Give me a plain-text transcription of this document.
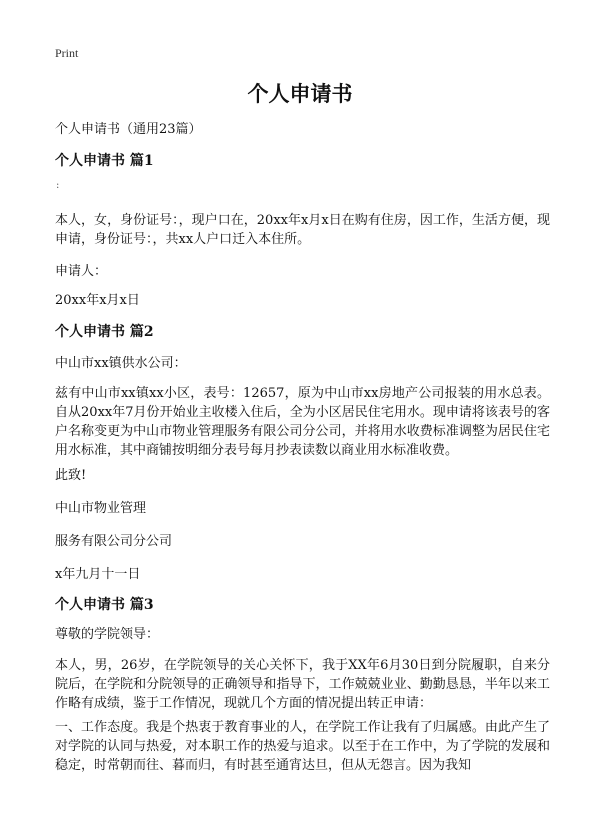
Print
个人申请书

个人申请书（通用23篇）

个人申请书 篇1

:

本人，女，身份证号：，现户口在，20xx年x月x日在购有住房，因工作，生活方便，现申请，身份证号：，共xx人户口迁入本住所。

申请人：

20xx年x月x日

个人申请书 篇2

中山市xx镇供水公司：

兹有中山市xx镇xx小区，表号：12657，原为中山市xx房地产公司报装的用水总表。自从20xx年7月份开始业主收楼入住后，全为小区居民住宅用水。现申请将该表号的客户名称变更为中山市物业管理服务有限公司分公司，并将用水收费标准调整为居民住宅用水标准，其中商铺按明细分表号每月抄表读数以商业用水标准收费。

此致!

中山市物业管理

服务有限公司分公司

x年九月十一日

个人申请书 篇3

尊敬的学院领导：

本人，男，26岁，在学院领导的关心关怀下，我于XX年6月30日到分院履职，自来分院后，在学院和分院领导的正确领导和指导下，工作兢兢业业、勤勤恳恳，半年以来工作略有成绩，鉴于工作情况，现就几个方面的情况提出转正申请：

一、工作态度。我是个热衷于教育事业的人，在学院工作让我有了归属感。由此产生了对学院的认同与热爱，对本职工作的热爱与追求。以至于在工作中，为了学院的发展和稳定，时常朝而往、暮而归，有时甚至通宵达旦，但从无怨言。因为我知
